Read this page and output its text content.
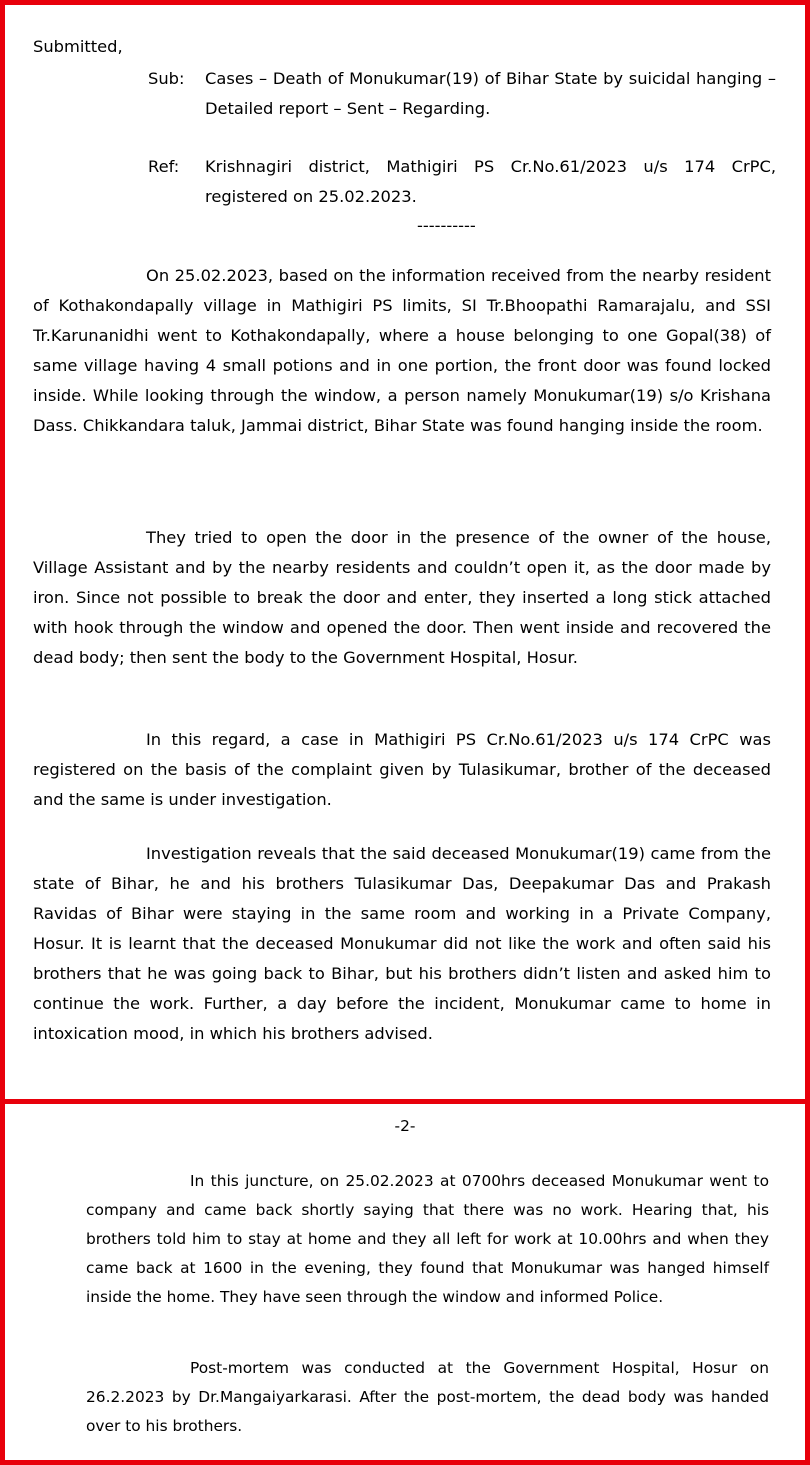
Submitted,
Sub:	Cases – Death of Monukumar(19) of Bihar State by suicidal hanging – Detailed report – Sent – Regarding.
Ref:	Krishnagiri district, Mathigiri PS Cr.No.61/2023 u/s 174 CrPC, registered on 25.02.2023.
----------
On 25.02.2023, based on the information received from the nearby resident of Kothakondapally village in Mathigiri PS limits, SI Tr.Bhoopathi Ramarajalu, and SSI Tr.Karunanidhi went to Kothakondapally, where a house belonging to one Gopal(38) of same village having 4 small potions and in one portion, the front door was found locked inside. While looking through the window, a person namely Monukumar(19) s/o Krishana Dass. Chikkandara taluk, Jammai district, Bihar State was found hanging inside the room.
They tried to open the door in the presence of the owner of the house, Village Assistant and by the nearby residents and couldn’t open it, as the door made by iron. Since not possible to break the door and enter, they inserted a long stick attached with hook through the window and opened the door. Then went inside and recovered the dead body; then sent the body to the Government Hospital, Hosur.
In this regard, a case in Mathigiri PS Cr.No.61/2023 u/s 174 CrPC was registered on the basis of the complaint given by Tulasikumar, brother of the deceased and the same is under investigation.
Investigation reveals that the said deceased Monukumar(19) came from the state of Bihar, he and his brothers Tulasikumar Das, Deepakumar Das and Prakash Ravidas of Bihar were staying in the same room and working in a Private Company, Hosur. It is learnt that the deceased Monukumar did not like the work and often said his brothers that he was going back to Bihar, but his brothers didn’t listen and asked him to continue the work. Further, a day before the incident, Monukumar came to home in intoxication mood, in which his brothers advised.
-2-
In this juncture, on 25.02.2023 at 0700hrs deceased Monukumar went to company and came back shortly saying that there was no work. Hearing that, his brothers told him to stay at home and they all left for work at 10.00hrs and when they came back at 1600 in the evening, they found that Monukumar was hanged himself inside the home. They have seen through the window and informed Police.
Post-mortem was conducted at the Government Hospital, Hosur on 26.2.2023 by Dr.Mangaiyarkarasi. After the post-mortem, the dead body was handed over to his brothers.
